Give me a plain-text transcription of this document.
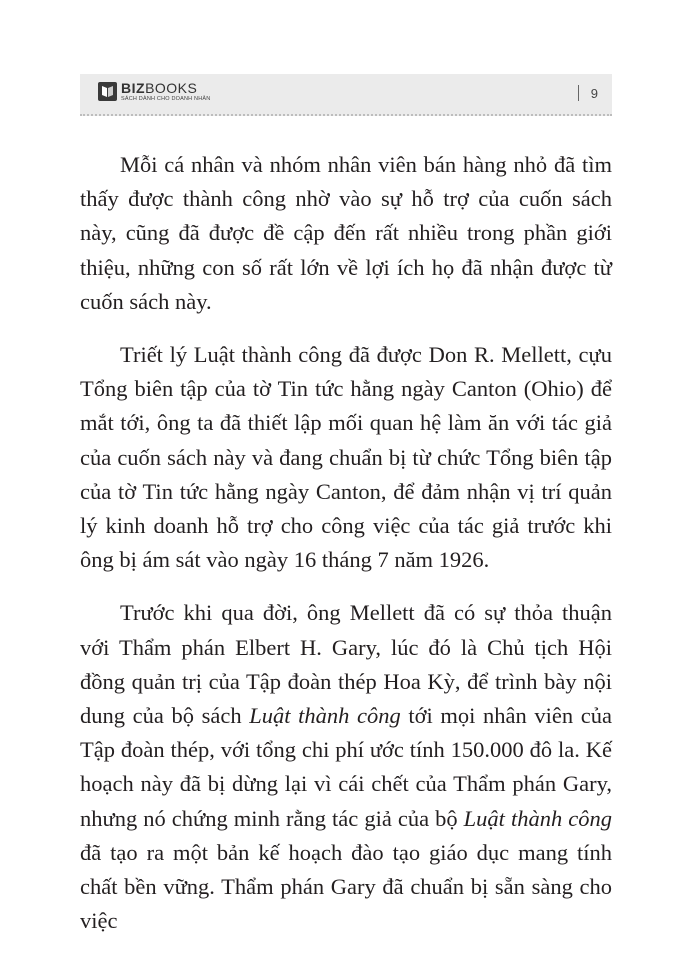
BIZBOOKS
SÁCH DÀNH CHO DOANH NHÂN	9

Mỗi cá nhân và nhóm nhân viên bán hàng nhỏ đã tìm thấy được thành công nhờ vào sự hỗ trợ của cuốn sách này, cũng đã được đề cập đến rất nhiều trong phần giới thiệu, những con số rất lớn về lợi ích họ đã nhận được từ cuốn sách này.

Triết lý Luật thành công đã được Don R. Mellett, cựu Tổng biên tập của tờ Tin tức hằng ngày Canton (Ohio) để mắt tới, ông ta đã thiết lập mối quan hệ làm ăn với tác giả của cuốn sách này và đang chuẩn bị từ chức Tổng biên tập của tờ Tin tức hằng ngày Canton, để đảm nhận vị trí quản lý kinh doanh hỗ trợ cho công việc của tác giả trước khi ông bị ám sát vào ngày 16 tháng 7 năm 1926.

Trước khi qua đời, ông Mellett đã có sự thỏa thuận với Thẩm phán Elbert H. Gary, lúc đó là Chủ tịch Hội đồng quản trị của Tập đoàn thép Hoa Kỳ, để trình bày nội dung của bộ sách Luật thành công tới mọi nhân viên của Tập đoàn thép, với tổng chi phí ước tính 150.000 đô la. Kế hoạch này đã bị dừng lại vì cái chết của Thẩm phán Gary, nhưng nó chứng minh rằng tác giả của bộ Luật thành công đã tạo ra một bản kế hoạch đào tạo giáo dục mang tính chất bền vững. Thẩm phán Gary đã chuẩn bị sẵn sàng cho việc
